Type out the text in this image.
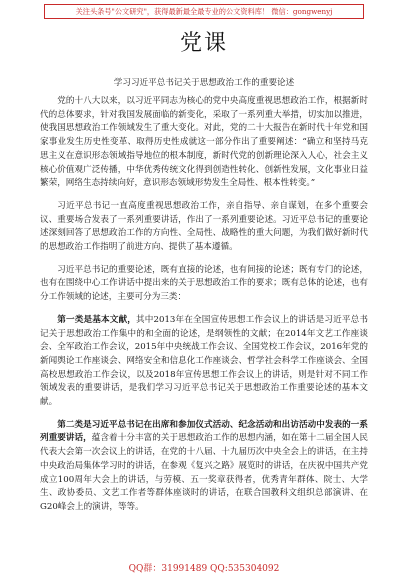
关注头条号"公文研究"，获得最新最全最专业的公文资料库！ 微信：gongwenyj
党课
学习习近平总书记关于思想政治工作的重要论述

党的十八大以来，以习近平同志为核心的党中央高度重视思想政治工作，根据新时代的总体要求，针对我国发展面临的新变化，采取了一系列重大举措，切实加以推进，使我国思想政治工作领域发生了重大变化。对此，党的二十大报告在新时代十年党和国家事业发生历史性变革、取得历史性成就这一部分作出了重要阐述：“确立和坚持马克思主义在意识形态领域指导地位的根本制度，新时代党的创新理论深入人心，社会主义核心价值观广泛传播，中华优秀传统文化得到创造性转化、创新性发展，文化事业日益繁荣，网络生态持续向好，意识形态领域形势发生全局性、根本性转变。”

习近平总书记一直高度重视思想政治工作，亲自指导、亲自谋划，在多个重要会议、重要场合发表了一系列重要讲话，作出了一系列重要论述。习近平总书记的重要论述深刻回答了思想政治工作的方向性、全局性、战略性的重大问题，为我们做好新时代的思想政治工作指明了前进方向、提供了基本遵循。

习近平总书记的重要论述，既有直接的论述，也有间接的论述；既有专门的论述，也有在围绕中心工作讲话中提出来的关于思想政治工作的要求；既有总体的论述，也有分工作领域的论述，主要可分为三类：

第一类是基本文献，其中2013年在全国宣传思想工作会议上的讲话是习近平总书记关于思想政治工作集中的和全面的论述，是纲领性的文献；在2014年文艺工作座谈会、全军政治工作会议，2015年中央统战工作会议、全国党校工作会议，2016年党的新闻舆论工作座谈会、网络安全和信息化工作座谈会、哲学社会科学工作座谈会、全国高校思想政治工作会议，以及2018年宣传思想工作会议上的讲话，则是针对不同工作领域发表的重要讲话，是我们学习习近平总书记关于思想政治工作重要论述的基本文献。

第二类是习近平总书记在出席和参加仪式活动、纪念活动和出访活动中发表的一系列重要讲话，蕴含着十分丰富的关于思想政治工作的思想内涵，如在第十二届全国人民代表大会第一次会议上的讲话，在党的十八届、十九届历次中央全会上的讲话，在主持中央政治局集体学习时的讲话，在参观《复兴之路》展览时的讲话，在庆祝中国共产党成立100周年大会上的讲话，与劳模、五一奖章获得者，优秀青年群体、院士、大学生、政协委员、文艺工作者等群体座谈时的讲话，在联合国教科文组织总部演讲、在G20峰会上的演讲，等等。

QQ群：31991489 QQ:535304092
